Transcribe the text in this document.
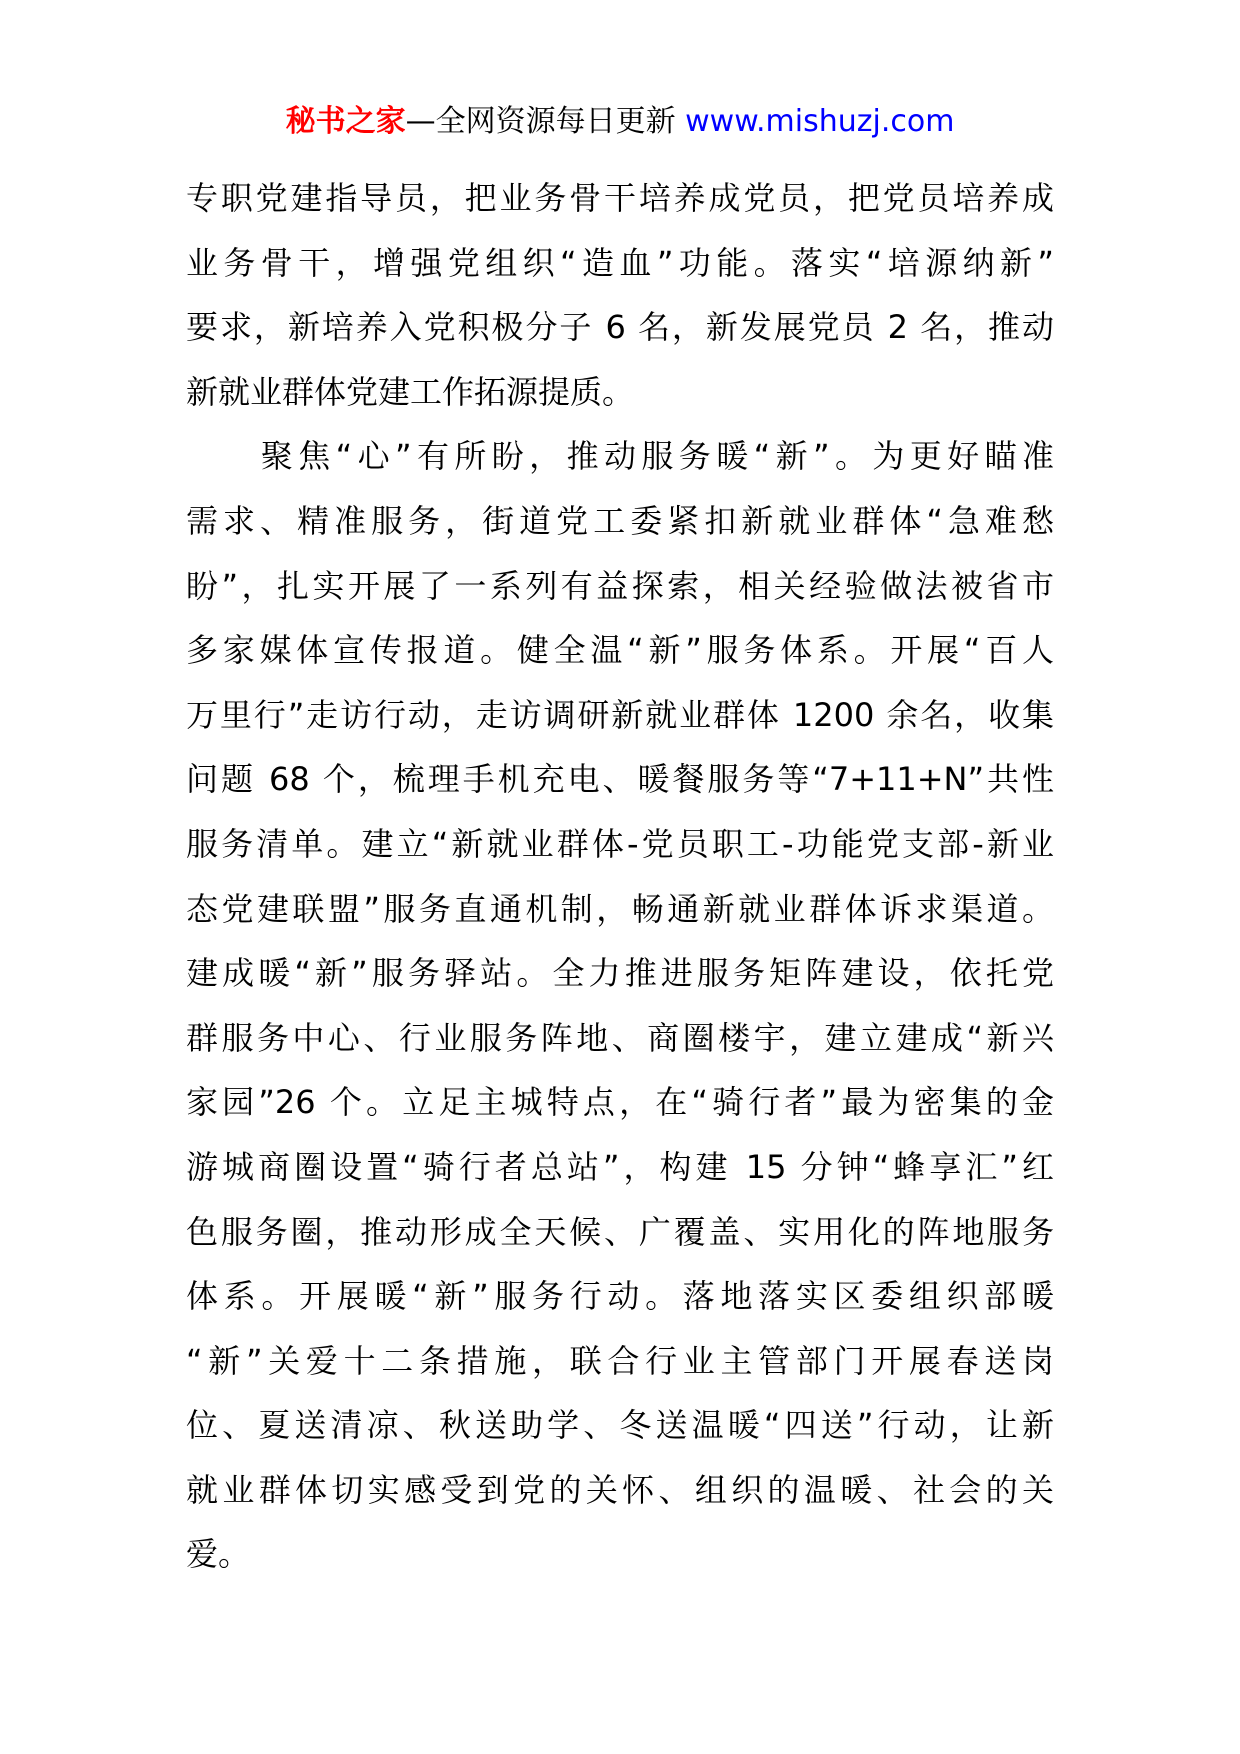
秘书之家—全网资源每日更新 www.mishuzj.com
专职党建指导员，把业务骨干培养成党员，把党员培养成
业务骨干，增强党组织“造血”功能。落实“培源纳新”
要求，新培养入党积极分子 6 名，新发展党员 2 名，推动
新就业群体党建工作拓源提质。
　　聚焦“心”有所盼，推动服务暖“新”。为更好瞄准
需求、精准服务，街道党工委紧扣新就业群体“急难愁
盼”，扎实开展了一系列有益探索，相关经验做法被省市
多家媒体宣传报道。健全温“新”服务体系。开展“百人
万里行”走访行动，走访调研新就业群体 1200 余名，收集
问题 68 个，梳理手机充电、暖餐服务等“7+11+N”共性
服务清单。建立“新就业群体-党员职工-功能党支部-新业
态党建联盟”服务直通机制，畅通新就业群体诉求渠道。
建成暖“新”服务驿站。全力推进服务矩阵建设，依托党
群服务中心、行业服务阵地、商圈楼宇，建立建成“新兴
家园”26 个。立足主城特点，在“骑行者”最为密集的金
游城商圈设置“骑行者总站”，构建 15 分钟“蜂享汇”红
色服务圈，推动形成全天候、广覆盖、实用化的阵地服务
体系。开展暖“新”服务行动。落地落实区委组织部暖
“新”关爱十二条措施，联合行业主管部门开展春送岗
位、夏送清凉、秋送助学、冬送温暖“四送”行动，让新
就业群体切实感受到党的关怀、组织的温暖、社会的关
爱。
